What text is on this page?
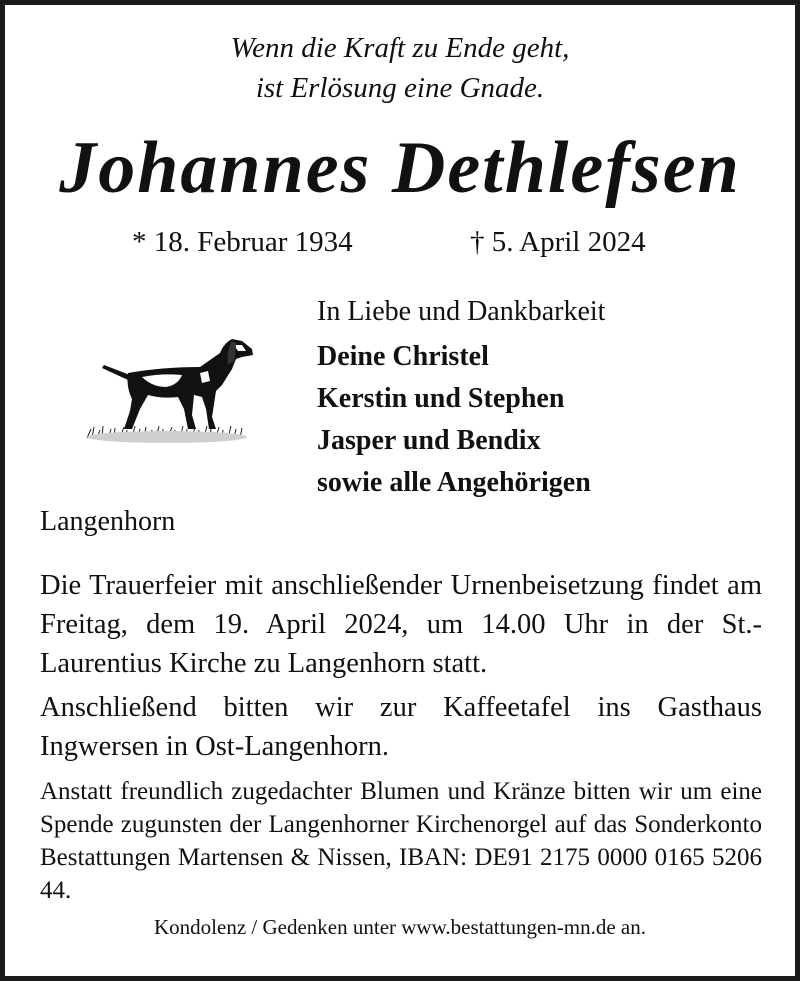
Wenn die Kraft zu Ende geht,
ist Erlösung eine Gnade.
Johannes Dethlefsen
* 18. Februar 1934	† 5. April 2024
In Liebe und Dankbarkeit
Deine Christel
Kerstin und Stephen
Jasper und Bendix
sowie alle Angehörigen
Langenhorn

Die Trauerfeier mit anschließender Urnenbeisetzung findet am Freitag, dem 19. April 2024, um 14.00 Uhr in der St.-Laurentius Kirche zu Langenhorn statt.

Anschließend bitten wir zur Kaffeetafel ins Gasthaus Ingwersen in Ost-Langenhorn.

Anstatt freundlich zugedachter Blumen und Kränze bitten wir um eine Spende zugunsten der Langenhorner Kirchenorgel auf das Sonderkonto Bestattungen Martensen & Nissen, IBAN: DE91 2175 0000 0165 5206 44.

Kondolenz / Gedenken unter www.bestattungen-mn.de an.
